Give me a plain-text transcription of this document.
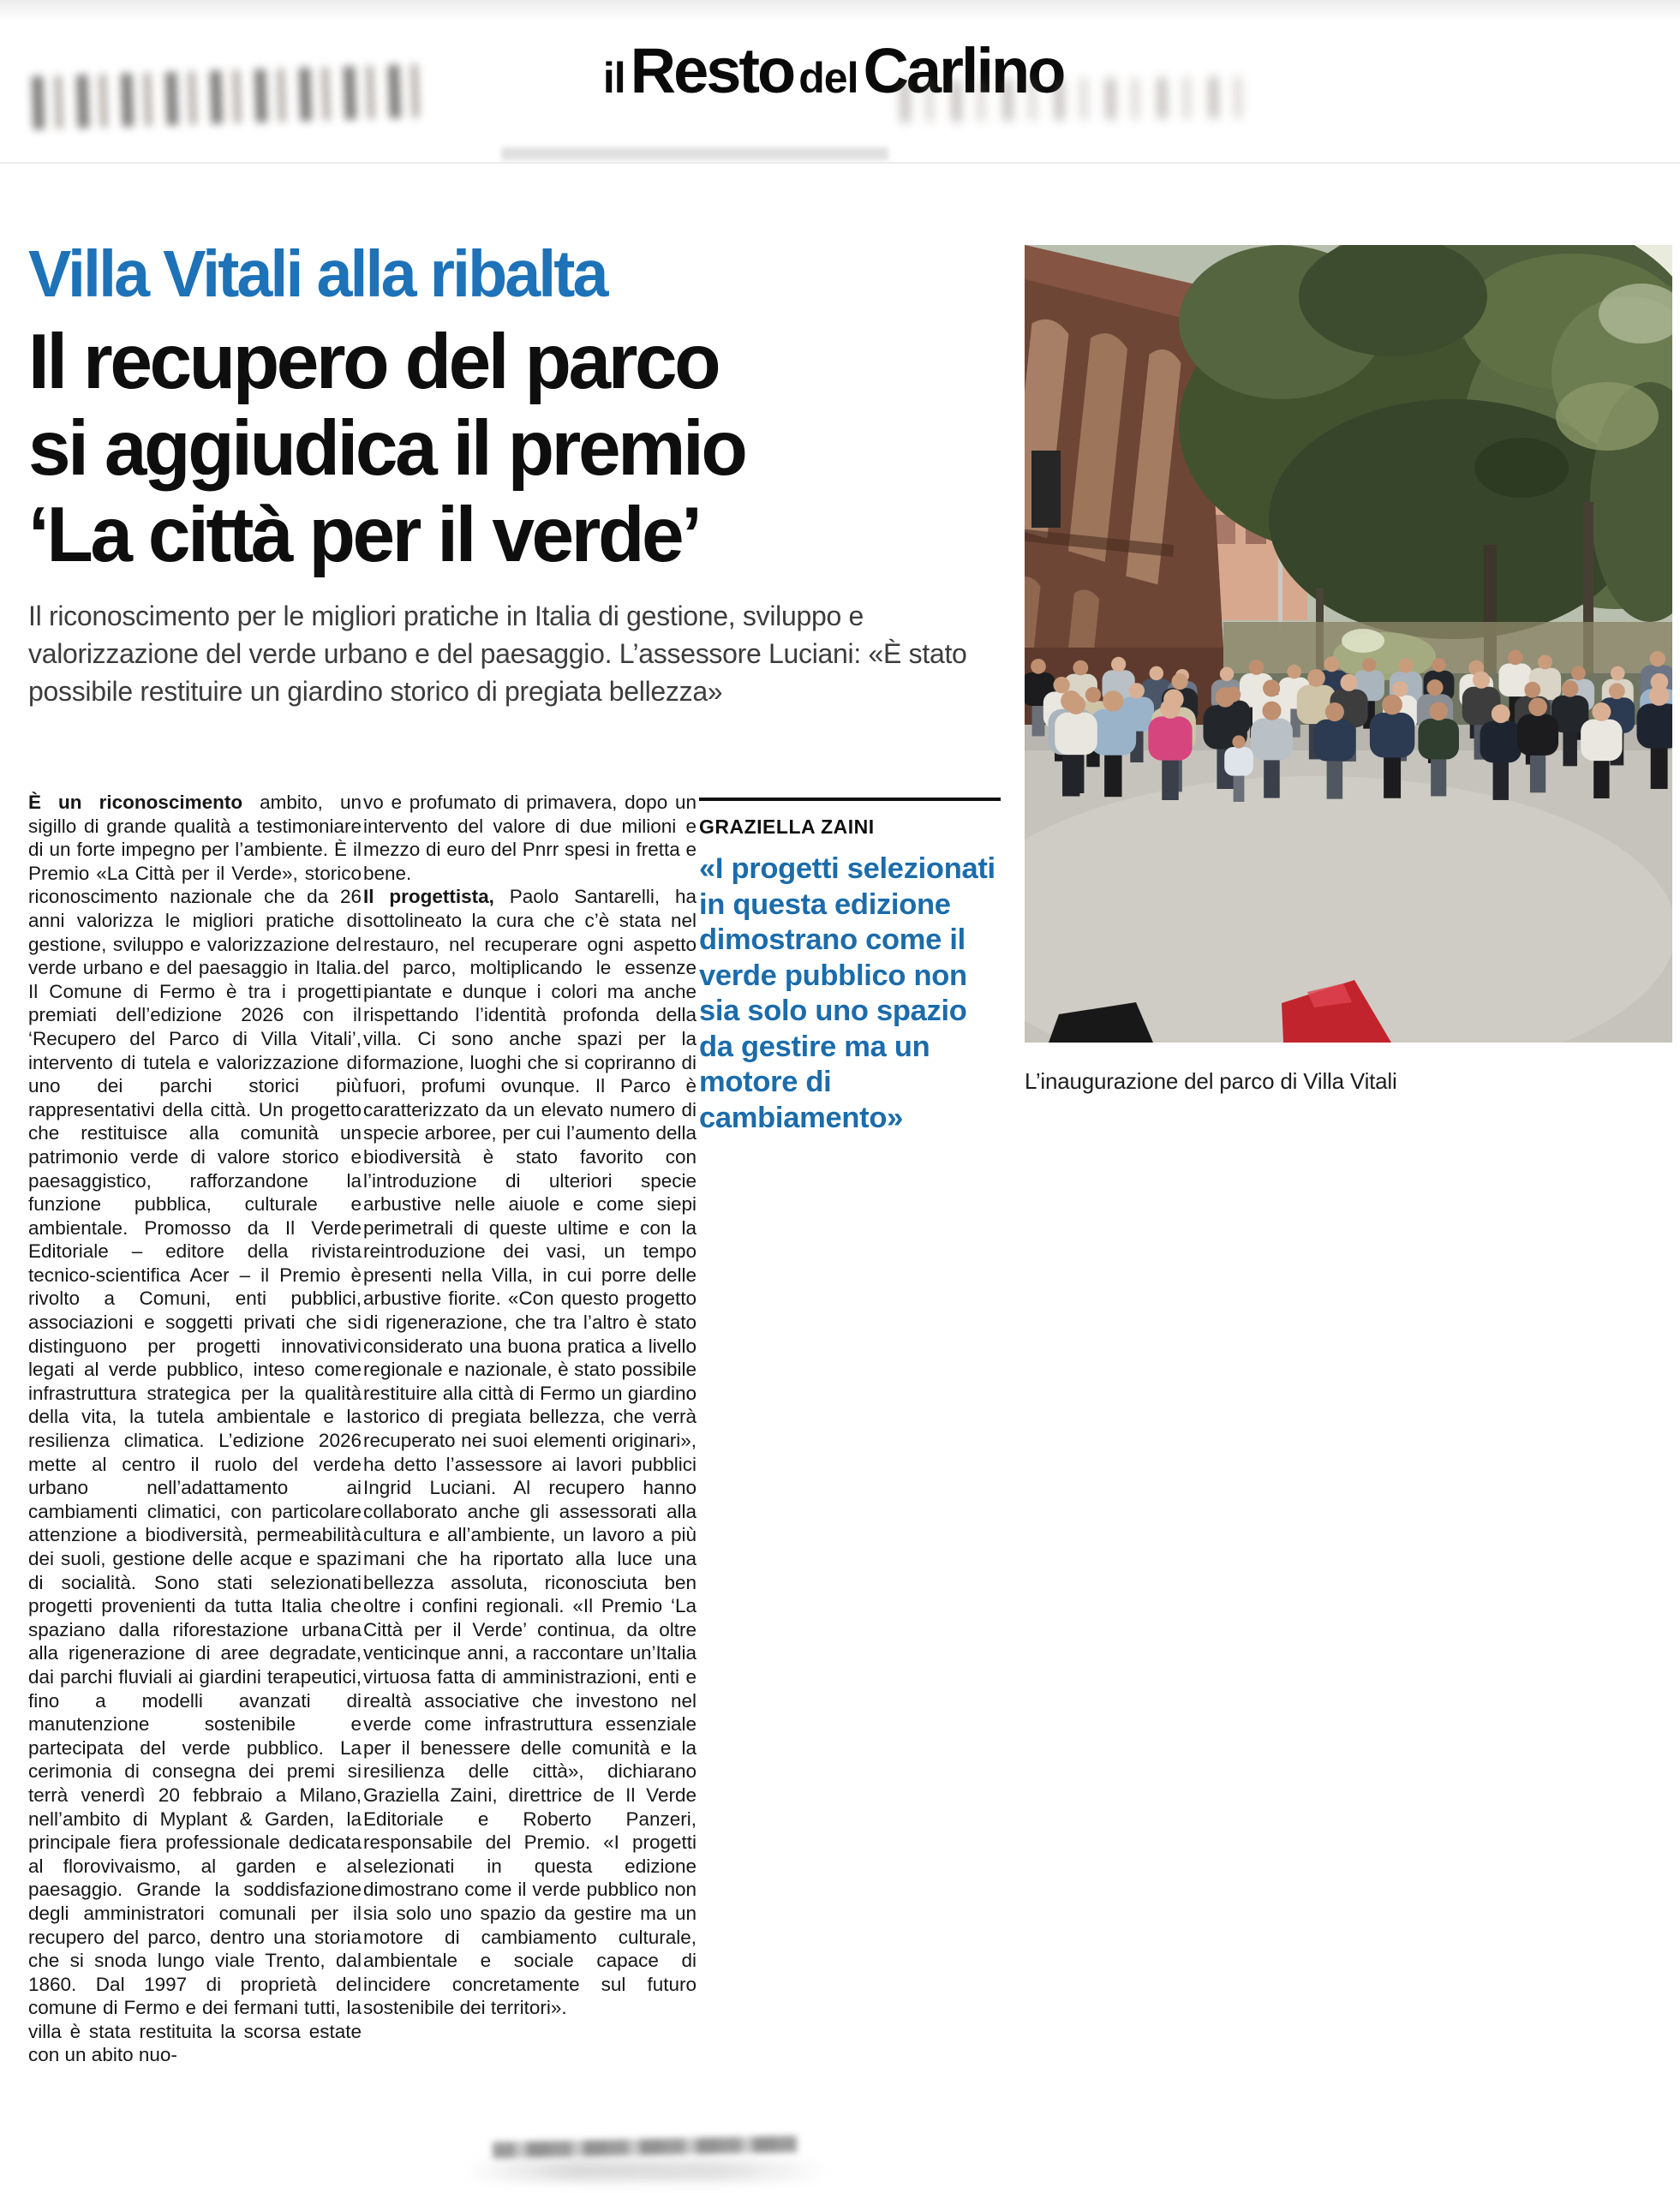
ilResto delCarlino
Villa Vitali alla ribalta
Il recupero del parco
si aggiudica il premio
‘La città per il verde’

Il riconoscimento per le migliori pratiche in Italia di gestione, sviluppo e valorizzazione del verde urbano e del paesaggio. L’assessore Luciani: «È stato possibile restituire un giardino storico di pregiata bellezza»

È un riconoscimento ambito, un sigillo di grande qualità a testimoniare di un forte impegno per l’ambiente. È il Premio «La Città per il Verde», storico riconoscimento nazionale che da 26 anni valorizza le migliori pratiche di gestione, sviluppo e valorizzazione del verde urbano e del paesaggio in Italia. Il Comune di Fermo è tra i progetti premiati dell’edizione 2026 con il ‘Recupero del Parco di Villa Vitali’, intervento di tutela e valorizzazione di uno dei parchi storici più rappresentativi della città. Un progetto che restituisce alla comunità un patrimonio verde di valore storico e paesaggistico, rafforzandone la funzione pubblica, culturale e ambientale. Promosso da Il Verde Editoriale – editore della rivista tecnico-scientifica Acer – il Premio è rivolto a Comuni, enti pubblici, associazioni e soggetti privati che si distinguono per progetti innovativi legati al verde pubblico, inteso come infrastruttura strategica per la qualità della vita, la tutela ambientale e la resilienza climatica. L’edizione 2026 mette al centro il ruolo del verde urbano nell’adattamento ai cambiamenti climatici, con particolare attenzione a biodiversità, permeabilità dei suoli, gestione delle acque e spazi di socialità. Sono stati selezionati progetti provenienti da tutta Italia che spaziano dalla riforestazione urbana alla rigenerazione di aree degradate, dai parchi fluviali ai giardini terapeutici, fino a modelli avanzati di manutenzione sostenibile e partecipata del verde pubblico. La cerimonia di consegna dei premi si terrà venerdì 20 febbraio a Milano, nell’ambito di Myplant & Garden, la principale fiera professionale dedicata al florovivaismo, al garden e al paesaggio. Grande la soddisfazione degli amministratori comunali per il recupero del parco, dentro una storia che si snoda lungo viale Trento, dal 1860. Dal 1997 di proprietà del comune di Fermo e dei fermani tutti, la villa è stata restituita la scorsa estate con un abito nuo-

vo e profumato di primavera, dopo un intervento del valore di due milioni e mezzo di euro del Pnrr spesi in fretta e bene.

Il progettista, Paolo Santarelli, ha sottolineato la cura che c’è stata nel restauro, nel recuperare ogni aspetto del parco, moltiplicando le essenze piantate e dunque i colori ma anche rispettando l’identità profonda della villa. Ci sono anche spazi per la formazione, luoghi che si copriranno di fuori, profumi ovunque. Il Parco è caratterizzato da un elevato numero di specie arboree, per cui l’aumento della biodiversità è stato favorito con l’introduzione di ulteriori specie arbustive nelle aiuole e come siepi perimetrali di queste ultime e con la reintroduzione dei vasi, un tempo presenti nella Villa, in cui porre delle arbustive fiorite. «Con questo progetto di rigenerazione, che tra l’altro è stato considerato una buona pratica a livello regionale e nazionale, è stato possibile restituire alla città di Fermo un giardino storico di pregiata bellezza, che verrà recuperato nei suoi elementi originari», ha detto l’assessore ai lavori pubblici Ingrid Luciani. Al recupero hanno collaborato anche gli assessorati alla cultura e all’ambiente, un lavoro a più mani che ha riportato alla luce una bellezza assoluta, riconosciuta ben oltre i confini regionali. «Il Premio ‘La Città per il Verde’ continua, da oltre venticinque anni, a raccontare un’Italia virtuosa fatta di amministrazioni, enti e realtà associative che investono nel verde come infrastruttura essenziale per il benessere delle comunità e la resilienza delle città», dichiarano Graziella Zaini, direttrice de Il Verde Editoriale e Roberto Panzeri, responsabile del Premio. «I progetti selezionati in questa edizione dimostrano come il verde pubblico non sia solo uno spazio da gestire ma un motore di cambiamento culturale, ambientale e sociale capace di incidere concretamente sul futuro sostenibile dei territori».

GRAZIELLA ZAINI
«I progetti selezionati in questa edizione dimostrano come il verde pubblico non sia solo uno spazio da gestire ma un motore di cambiamento»
L’inaugurazione del parco di Villa Vitali
